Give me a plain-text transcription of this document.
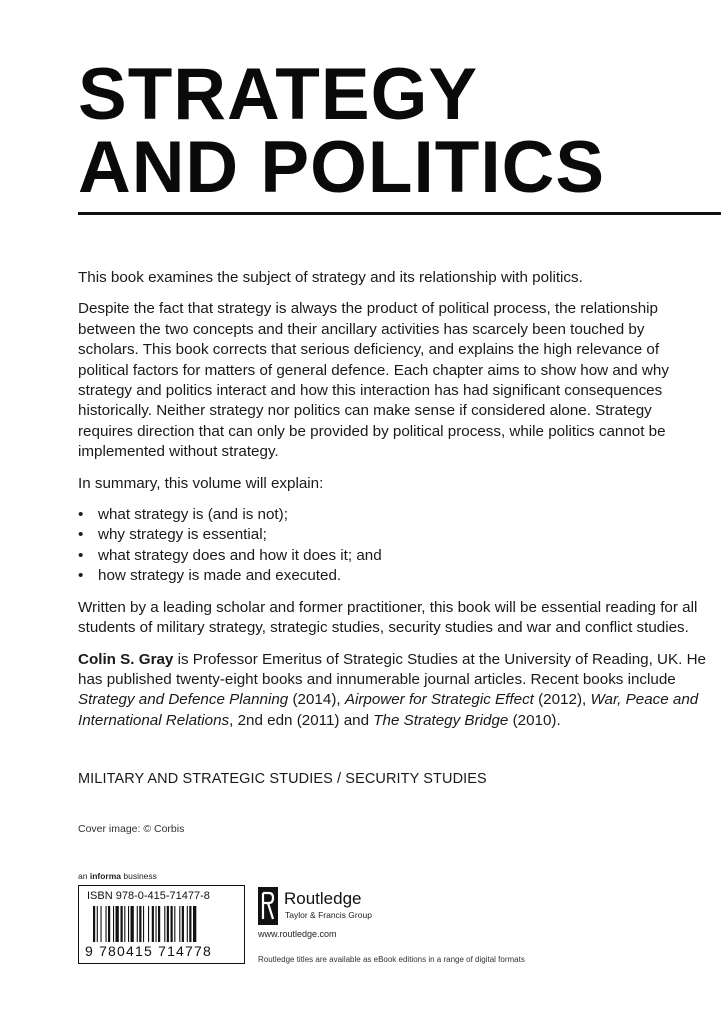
STRATEGY
AND POLITICS

This book examines the subject of strategy and its relationship with politics.

Despite the fact that strategy is always the product of political process, the relationship between the two concepts and their ancillary activities has scarcely been touched by scholars. This book corrects that serious deficiency, and explains the high relevance of political factors for matters of general defence. Each chapter aims to show how and why strategy and politics interact and how this interaction has had significant consequences historically. Neither strategy nor politics can make sense if considered alone. Strategy requires direction that can only be provided by political process, while politics cannot be implemented without strategy.

In summary, this volume will explain:

• what strategy is (and is not);
• why strategy is essential;
• what strategy does and how it does it; and
• how strategy is made and executed.

Written by a leading scholar and former practitioner, this book will be essential reading for all students of military strategy, strategic studies, security studies and war and conflict studies.

Colin S. Gray is Professor Emeritus of Strategic Studies at the University of Reading, UK. He has published twenty-eight books and innumerable journal articles. Recent books include Strategy and Defence Planning (2014), Airpower for Strategic Effect (2012), War, Peace and International Relations, 2nd edn (2011) and The Strategy Bridge (2010).

MILITARY AND STRATEGIC STUDIES / SECURITY STUDIES
Cover image: © Corbis
an informa business
ISBN 978-0-415-71477-8
9 780415 714778
Routledge
Taylor & Francis Group
www.routledge.com
Routledge titles are available as eBook editions in a range of digital formats
